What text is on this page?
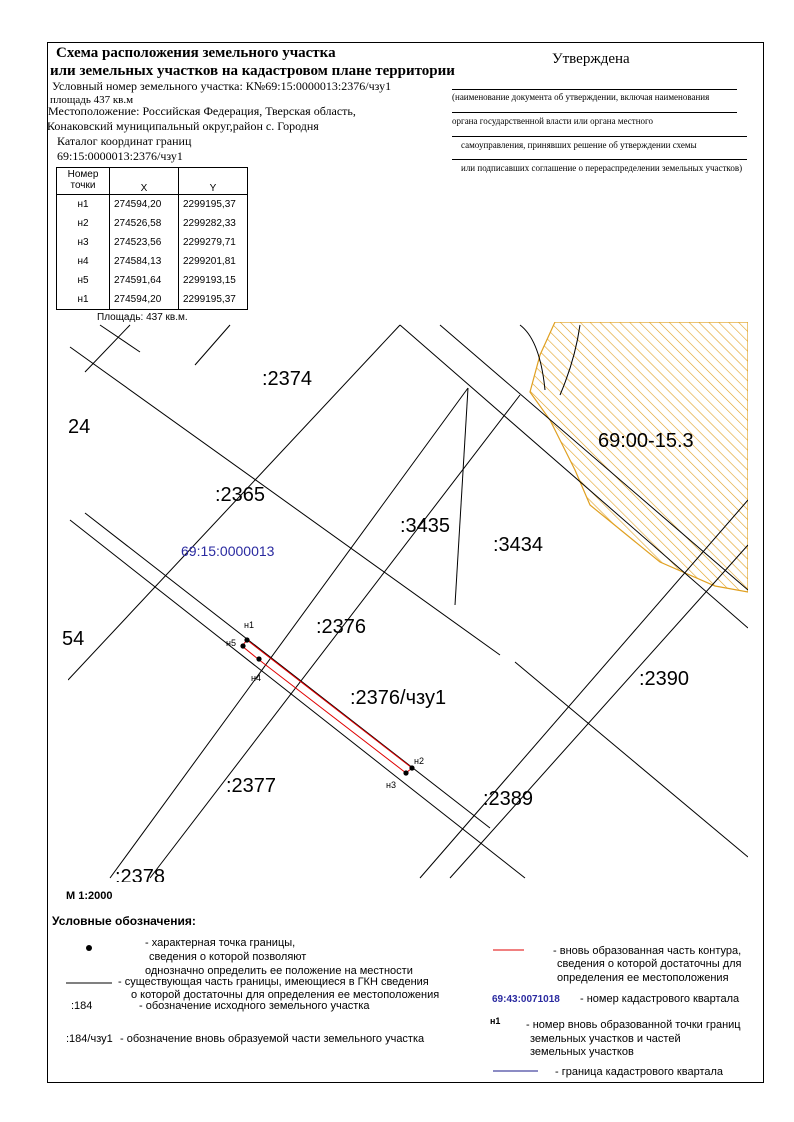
Схема расположения земельного участка
или земельных участков на кадастровом плане территории
Условный номер земельного участка: К№69:15:0000013:2376/чзу1
площадь 437 кв.м
Местоположение: Российская Федерация, Тверская область,
Конаковский муниципальный округ,район с. Городня
Каталог координат границ
69:15:0000013:2376/чзу1
Утверждена
(наименование документа об утверждении, включая наименования
органа государственной власти или органа местного
самоуправления, принявших решение об утверждении схемы
или подписавших соглашение о перераспределении земельных участков)
Номер
точки	X	Y
н1	274594,20	2299195,37
н2	274526,58	2299282,33
н3	274523,56	2299279,71
н4	274584,13	2299201,81
н5	274591,64	2299193,15
н1	274594,20	2299195,37
Площадь: 437 кв.м.
:2374
24
69:00-15.3
:2365
:3435
:3434
69:15:0000013
54
:2376
:2376/чзу1
:2390
:2377
:2389
:2378
н1
н5
н4
н2
н3
М 1:2000
Условные обозначения:
- характерная точка границы,
сведения о которой позволяют
однозначно определить ее положение на местности
- существующая часть границы, имеющиеся в ГКН сведения
о которой достаточны для определения ее местоположения
:184	- обозначение исходного земельного участка
:184/чзу1 - обозначение вновь образуемой части земельного участка
- вновь образованная часть контура,
сведения о которой достаточны для
определения ее местоположения
69:43:0071018 - номер кадастрового квартала
н1 - номер вновь образованной точки границ
земельных участков и частей
земельных участков
- граница кадастрового квартала
